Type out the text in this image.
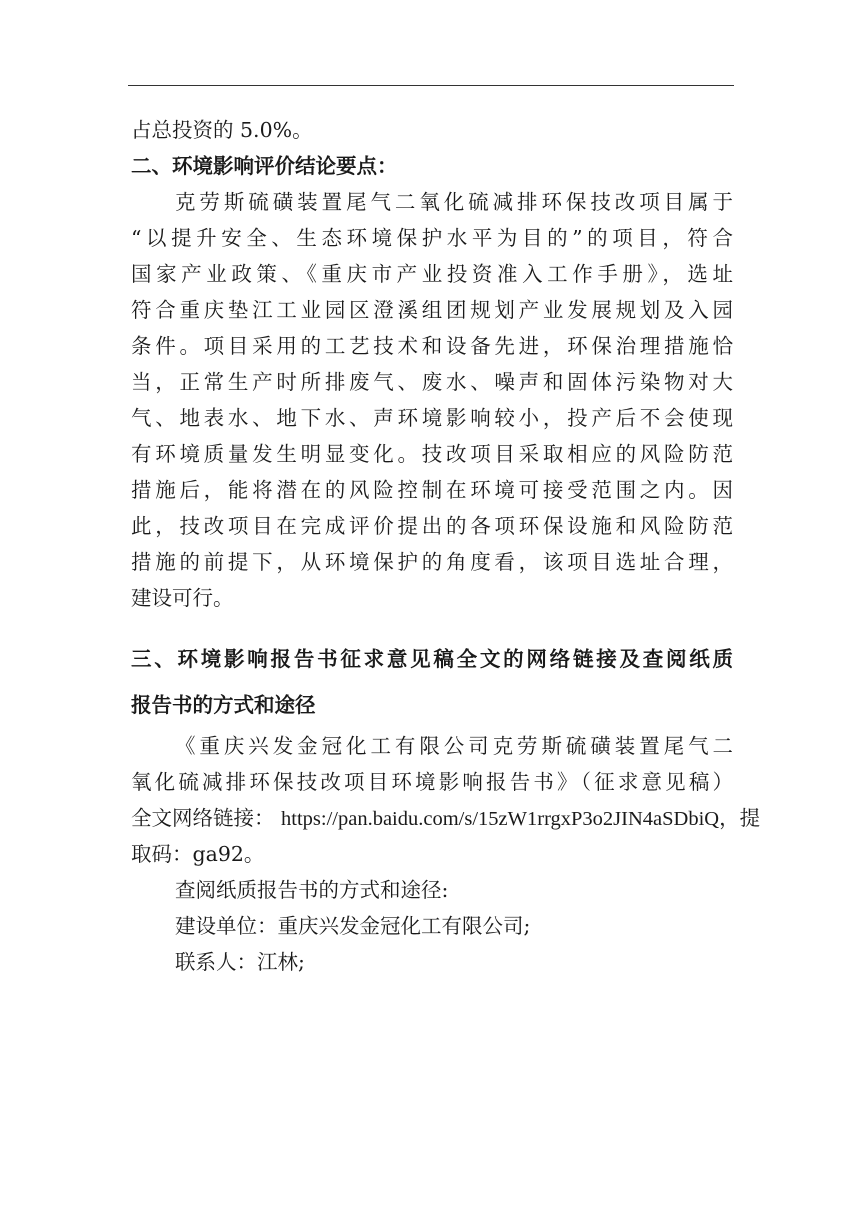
占总投资的 5.0%。
二、环境影响评价结论要点：
克劳斯硫磺装置尾气二氧化硫减排环保技改项目属于
“以提升安全、生态环境保护水平为目的”的项目，符合
国家产业政策、《重庆市产业投资准入工作手册》，选址
符合重庆垫江工业园区澄溪组团规划产业发展规划及入园
条件。项目采用的工艺技术和设备先进，环保治理措施恰
当，正常生产时所排废气、废水、噪声和固体污染物对大
气、地表水、地下水、声环境影响较小，投产后不会使现
有环境质量发生明显变化。技改项目采取相应的风险防范
措施后，能将潜在的风险控制在环境可接受范围之内。因
此，技改项目在完成评价提出的各项环保设施和风险防范
措施的前提下，从环境保护的角度看，该项目选址合理，
建设可行。
三、环境影响报告书征求意见稿全文的网络链接及查阅纸质
报告书的方式和途径
《重庆兴发金冠化工有限公司克劳斯硫磺装置尾气二
氧化硫减排环保技改项目环境影响报告书》（征求意见稿）
全文网络链接： https://pan.baidu.com/s/15zW1rrgxP3o2JIN4aSDbiQ，提
取码：ga92。
查阅纸质报告书的方式和途径:
建设单位：重庆兴发金冠化工有限公司;
联系人：江林;
